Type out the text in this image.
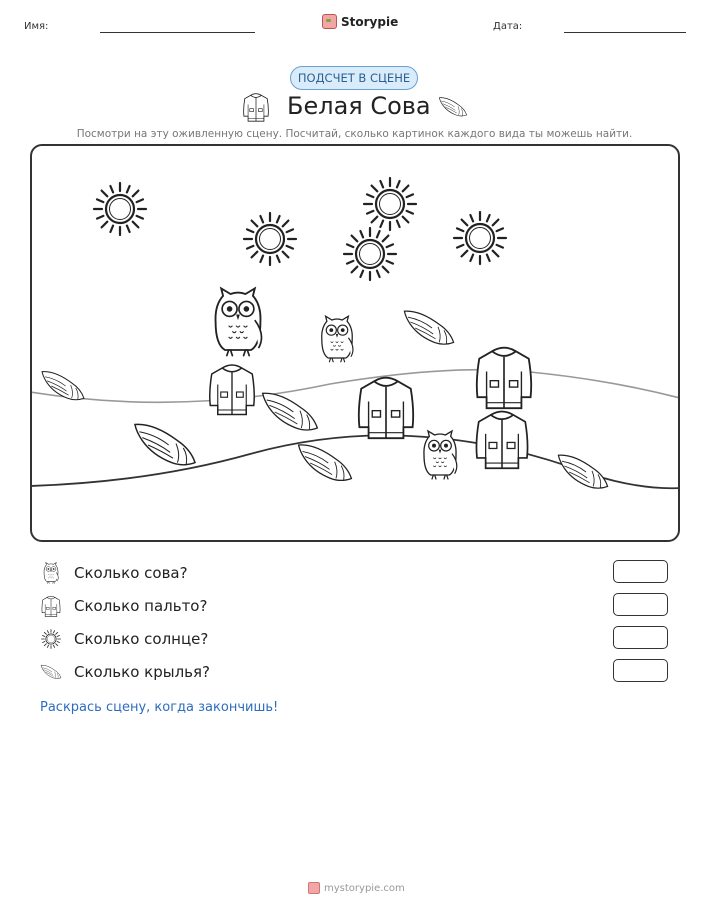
Имя:	Storypie	Дата:
ПОДСЧЕТ В СЦЕНЕ
Белая Сова
Посмотри на эту оживленную сцену. Посчитай, сколько картинок каждого вида ты можешь найти.
Сколько сова?
Сколько пальто?
Сколько солнце?
Сколько крылья?
Раскрась сцену, когда закончишь!
mystorypie.com
